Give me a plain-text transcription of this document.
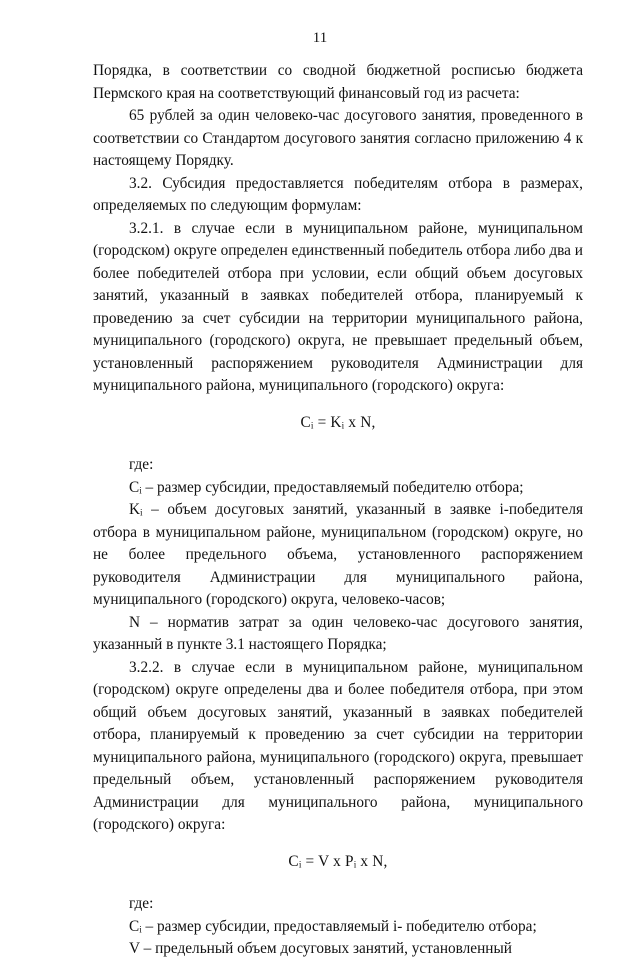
11

Порядка, в соответствии со сводной бюджетной росписью бюджета Пермского края на соответствующий финансовый год из расчета:

65 рублей за один человеко-час досугового занятия, проведенного в соответствии со Стандартом досугового занятия согласно приложению 4 к настоящему Порядку.

3.2. Субсидия предоставляется победителям отбора в размерах, определяемых по следующим формулам:

3.2.1. в случае если в муниципальном районе, муниципальном (городском) округе определен единственный победитель отбора либо два и более победителей отбора при условии, если общий объем досуговых занятий, указанный в заявках победителей отбора, планируемый к проведению за счет субсидии на территории муниципального района, муниципального (городского) округа, не превышает предельный объем, установленный распоряжением руководителя Администрации для муниципального района, муниципального (городского) округа:

Cᵢ = Kᵢ x N,

где:

Cᵢ – размер субсидии, предоставляемый победителю отбора;

Kᵢ – объем досуговых занятий, указанный в заявке i-победителя отбора в муниципальном районе, муниципальном (городском) округе, но не более предельного объема, установленного распоряжением руководителя Администрации для муниципального района, муниципального (городского) округа, человеко-часов;

N – норматив затрат за один человеко-час досугового занятия, указанный в пункте 3.1 настоящего Порядка;

3.2.2. в случае если в муниципальном районе, муниципальном (городском) округе определены два и более победителя отбора, при этом общий объем досуговых занятий, указанный в заявках победителей отбора, планируемый к проведению за счет субсидии на территории муниципального района, муниципального (городского) округа, превышает предельный объем, установленный распоряжением руководителя Администрации для муниципального района, муниципального (городского) округа:

Cᵢ = V x Pᵢ x N,

где:

Cᵢ – размер субсидии, предоставляемый i- победителю отбора;

V – предельный объем досуговых занятий, установленный
